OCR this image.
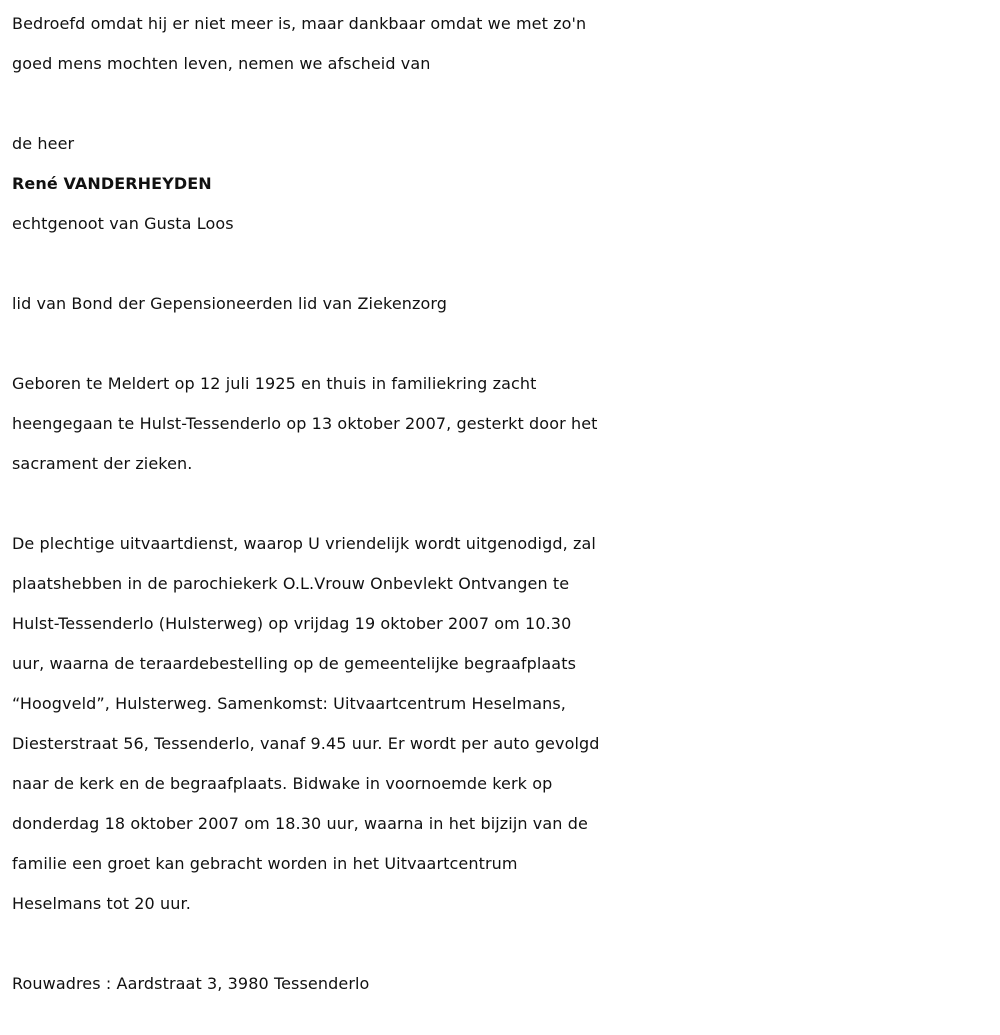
Bedroefd omdat hij er niet meer is, maar dankbaar omdat we met zo'n
goed mens mochten leven, nemen we afscheid van
de heer
René VANDERHEYDEN
echtgenoot van Gusta Loos
lid van Bond der Gepensioneerden lid van Ziekenzorg
Geboren te Meldert op 12 juli 1925 en thuis in familiekring zacht
heengegaan te Hulst-Tessenderlo op 13 oktober 2007, gesterkt door het
sacrament der zieken.
De plechtige uitvaartdienst, waarop U vriendelijk wordt uitgenodigd, zal
plaatshebben in de parochiekerk O.L.Vrouw Onbevlekt Ontvangen te
Hulst-Tessenderlo (Hulsterweg) op vrijdag 19 oktober 2007 om 10.30
uur, waarna de teraardebestelling op de gemeentelijke begraafplaats
“Hoogveld”, Hulsterweg. Samenkomst: Uitvaartcentrum Heselmans,
Diesterstraat 56, Tessenderlo, vanaf 9.45 uur. Er wordt per auto gevolgd
naar de kerk en de begraafplaats. Bidwake in voornoemde kerk op
donderdag 18 oktober 2007 om 18.30 uur, waarna in het bijzijn van de
familie een groet kan gebracht worden in het Uitvaartcentrum
Heselmans tot 20 uur.
Rouwadres : Aardstraat 3, 3980 Tessenderlo
